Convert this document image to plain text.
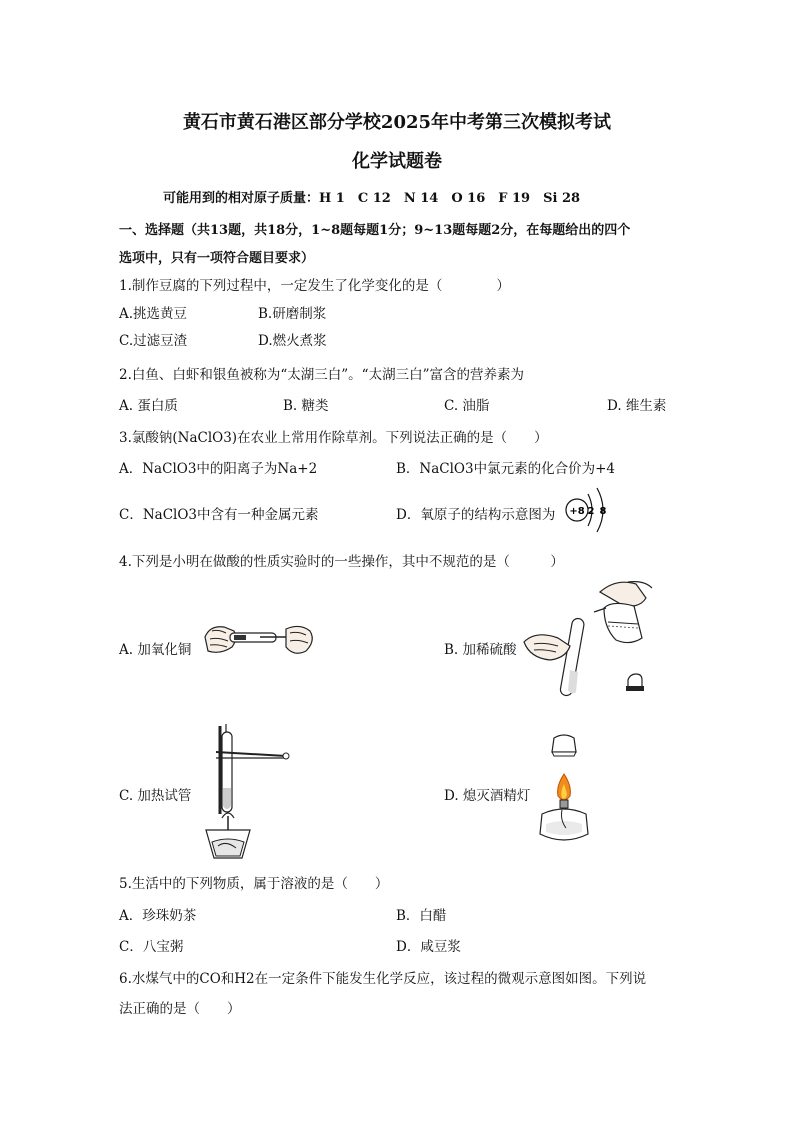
黄石市黄石港区部分学校2025年中考第三次模拟考试
化学试题卷
可能用到的相对原子质量：H 1　C 12　N 14　O 16　F 19　Si 28
一、选择题（共13题，共18分，1~8题每题1分；9~13题每题2分，在每题给出的四个
选项中，只有一项符合题目要求）
1.制作豆腐的下列过程中，一定发生了化学变化的是（　　　　）
A.挑选黄豆	B.研磨制浆
C.过滤豆渣	D.燃火煮浆
2.白鱼、白虾和银鱼被称为“太湖三白”。“太湖三白”富含的营养素为
A. 蛋白质	B. 糖类	C. 油脂	D. 维生素
3.氯酸钠(NaClO3)在农业上常用作除草剂。下列说法正确的是（　　）
A．NaClO3中的阳离子为Na+2	B．NaClO3中氯元素的化合价为+4
C．NaClO3中含有一种金属元素	D．氧原子的结构示意图为 +8 2 8
4.下列是小明在做酸的性质实验时的一些操作，其中不规范的是（　　　）
A. 加氧化铜	B. 加稀硫酸
C. 加热试管	D. 熄灭酒精灯
5.生活中的下列物质，属于溶液的是（　　）
A．珍珠奶茶	B．白醋
C．八宝粥	D．咸豆浆
6.水煤气中的CO和H2在一定条件下能发生化学反应，该过程的微观示意图如图。下列说
法正确的是（　　）
